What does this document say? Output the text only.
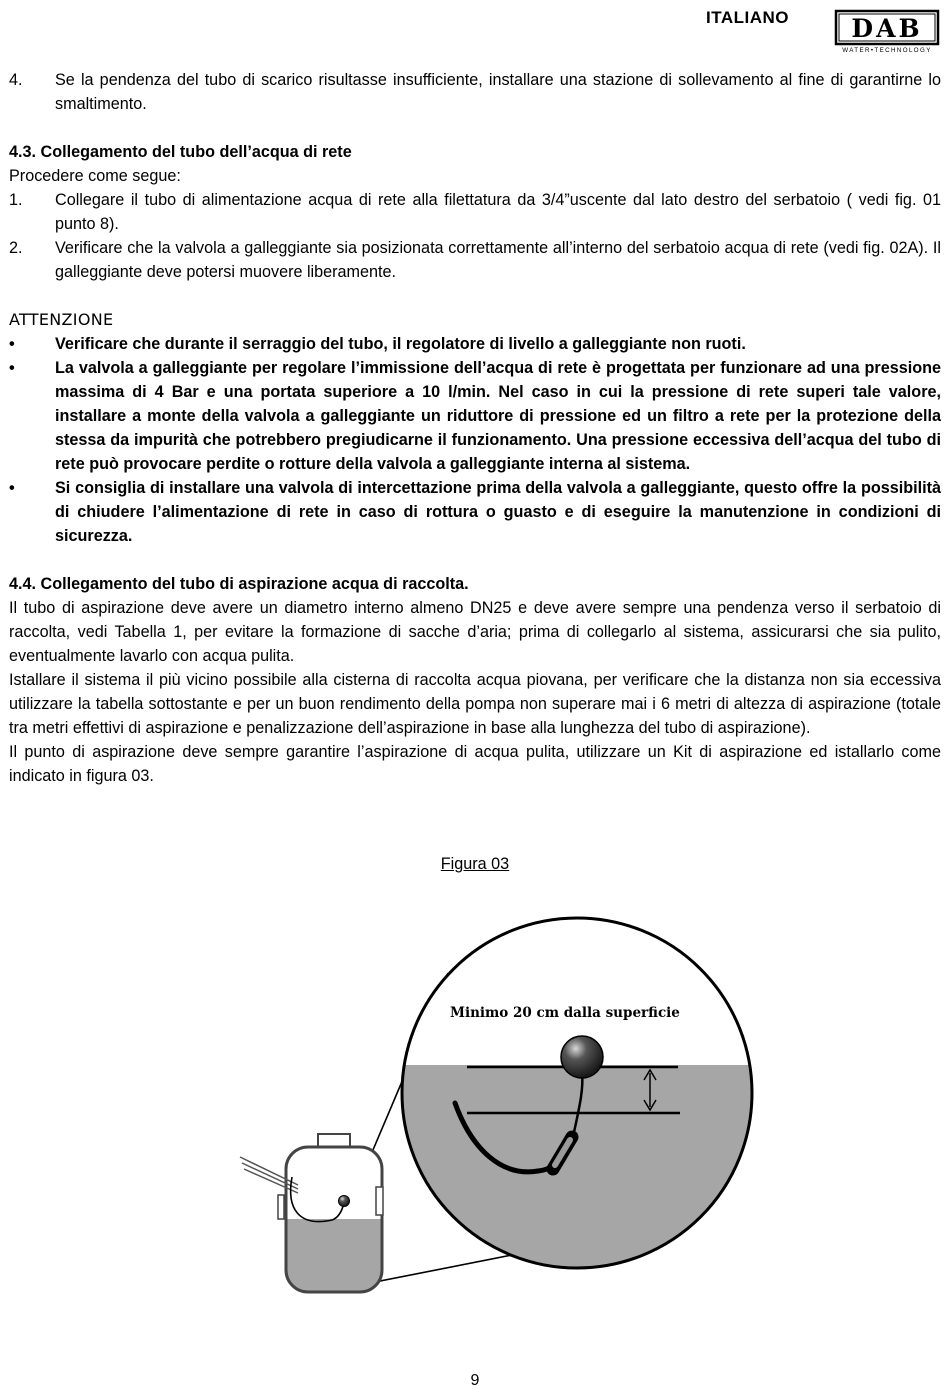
ITALIANO DAB
WATER•TECHNOLOGY
4.	Se la pendenza del tubo di scarico risultasse insufficiente, installare una stazione di sollevamento al fine di garantirne lo smaltimento.

4.3. Collegamento del tubo dell’acqua di rete

Procedere come segue:

1.	Collegare il tubo di alimentazione acqua di rete alla filettatura da 3/4”uscente dal lato destro del serbatoio ( vedi fig. 01 punto 8).
2.	Verificare che la valvola a galleggiante sia posizionata correttamente all’interno del serbatoio acqua di rete (vedi fig. 02A). Il galleggiante deve potersi muovere liberamente.

ATTENZIONE

•	Verificare che durante il serraggio del tubo, il regolatore di livello a galleggiante non ruoti.
•	La valvola a galleggiante per regolare l’immissione dell’acqua di rete è progettata per funzionare ad una pressione massima di 4 Bar e una portata superiore a 10 l/min. Nel caso in cui la pressione di rete superi tale valore, installare a monte della valvola a galleggiante un riduttore di pressione ed un filtro a rete per la protezione della stessa da impurità che potrebbero pregiudicarne il funzionamento. Una pressione eccessiva dell’acqua del tubo di rete può provocare perdite o rotture della valvola a galleggiante interna al sistema.
•	Si consiglia di installare una valvola di intercettazione prima della valvola a galleggiante, questo offre la possibilità di chiudere l’alimentazione di rete in caso di rottura o guasto e di eseguire la manutenzione in condizioni di sicurezza.

4.4. Collegamento del tubo di aspirazione acqua di raccolta.

Il tubo di aspirazione deve avere un diametro interno almeno DN25 e deve avere sempre una pendenza verso il serbatoio di raccolta, vedi Tabella 1, per evitare la formazione di sacche d’aria; prima di collegarlo al sistema, assicurarsi che sia pulito, eventualmente lavarlo con acqua pulita.

Istallare il sistema il più vicino possibile alla cisterna di raccolta acqua piovana, per verificare che la distanza non sia eccessiva utilizzare la tabella sottostante e per un buon rendimento della pompa non superare mai i 6 metri di altezza di aspirazione (totale tra metri effettivi di aspirazione e penalizzazione dell’aspirazione in base alla lunghezza del tubo di aspirazione).

Il punto di aspirazione deve sempre garantire l’aspirazione di acqua pulita, utilizzare un Kit di aspirazione ed istallarlo come indicato in figura 03.

Figura 03
Minimo 20 cm dalla superficie
9
